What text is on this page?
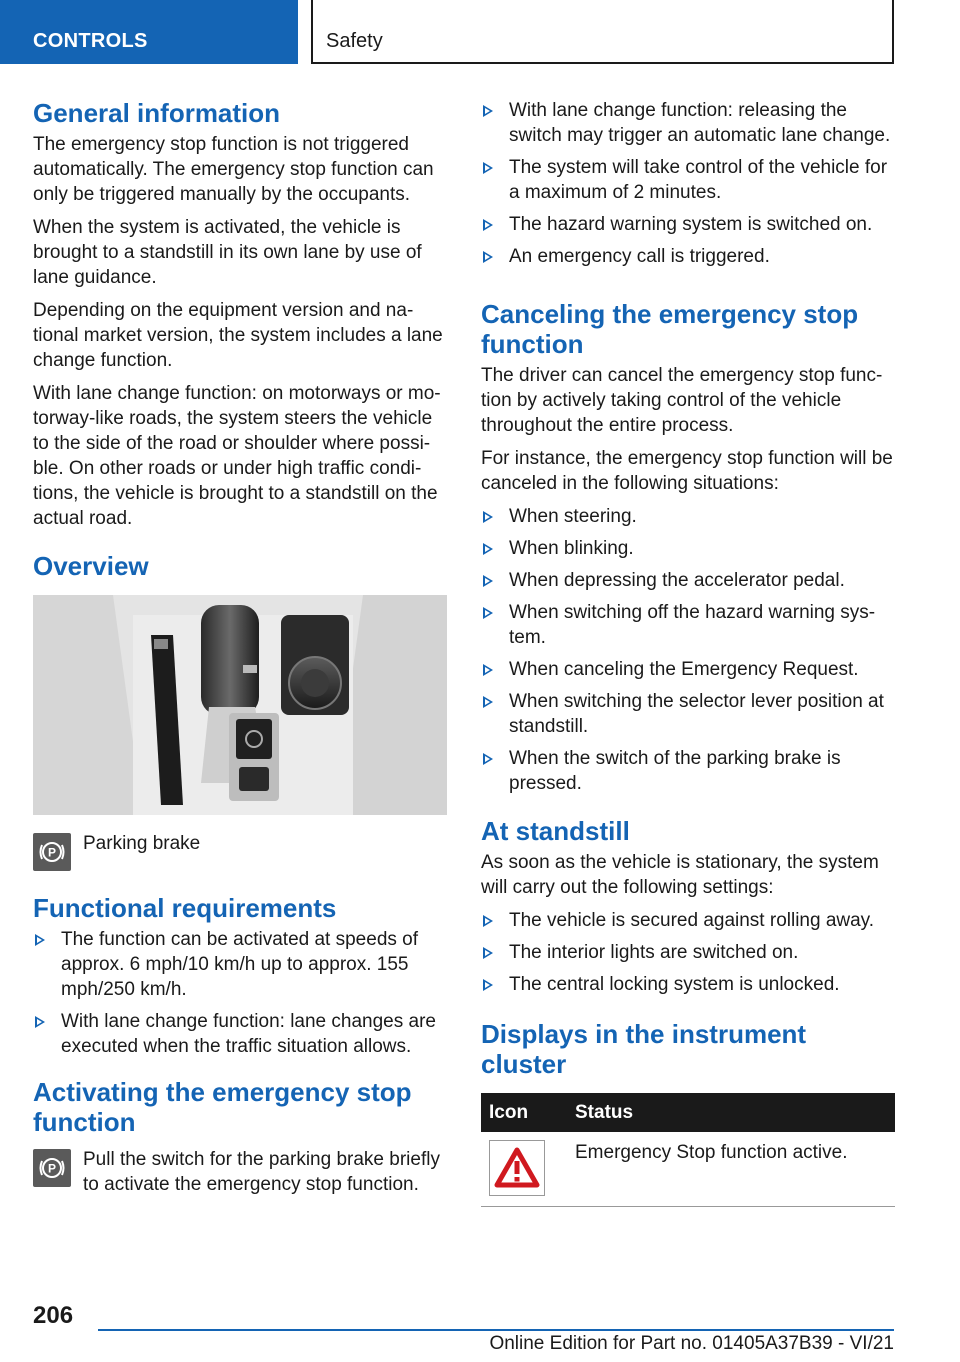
CONTROLS	Safety
General information

The emergency stop function is not triggered automatically. The emergency stop function can only be triggered manually by the occupants.

When the system is activated, the vehicle is brought to a standstill in its own lane by use of lane guidance.

Depending on the equipment version and na‐tional market version, the system includes a lane change function.

With lane change function: on motorways or mo‐torway-like roads, the system steers the vehicle to the side of the road or shoulder where possi‐ble. On other roads or under high traffic condi‐tions, the vehicle is brought to a standstill on the actual road.

Overview
P Parking brake
Functional requirements
The function can be activated at speeds of approx. 6 mph/10 km/h up to approx. 155 mph/250 km/h.
With lane change function: lane changes are executed when the traffic situation allows.
Activating the emergency stop function
P Pull the switch for the parking brake briefly to activate the emergency stop function.
With lane change function: releasing the switch may trigger an automatic lane change.
The system will take control of the vehicle for a maximum of 2 minutes.
The hazard warning system is switched on.
An emergency call is triggered.
Canceling the emergency stop function

The driver can cancel the emergency stop func‐tion by actively taking control of the vehicle throughout the entire process.

For instance, the emergency stop function will be canceled in the following situations:

When steering.
When blinking.
When depressing the accelerator pedal.
When switching off the hazard warning sys‐tem.
When canceling the Emergency Request.
When switching the selector lever position at standstill.
When the switch of the parking brake is pressed.
At standstill

As soon as the vehicle is stationary, the system will carry out the following settings:

The vehicle is secured against rolling away.
The interior lights are switched on.
The central locking system is unlocked.
Displays in the instrument cluster
Icon	Status

	Emergency Stop function active.
206
Online Edition for Part no. 01405A37B39 - VI/21
